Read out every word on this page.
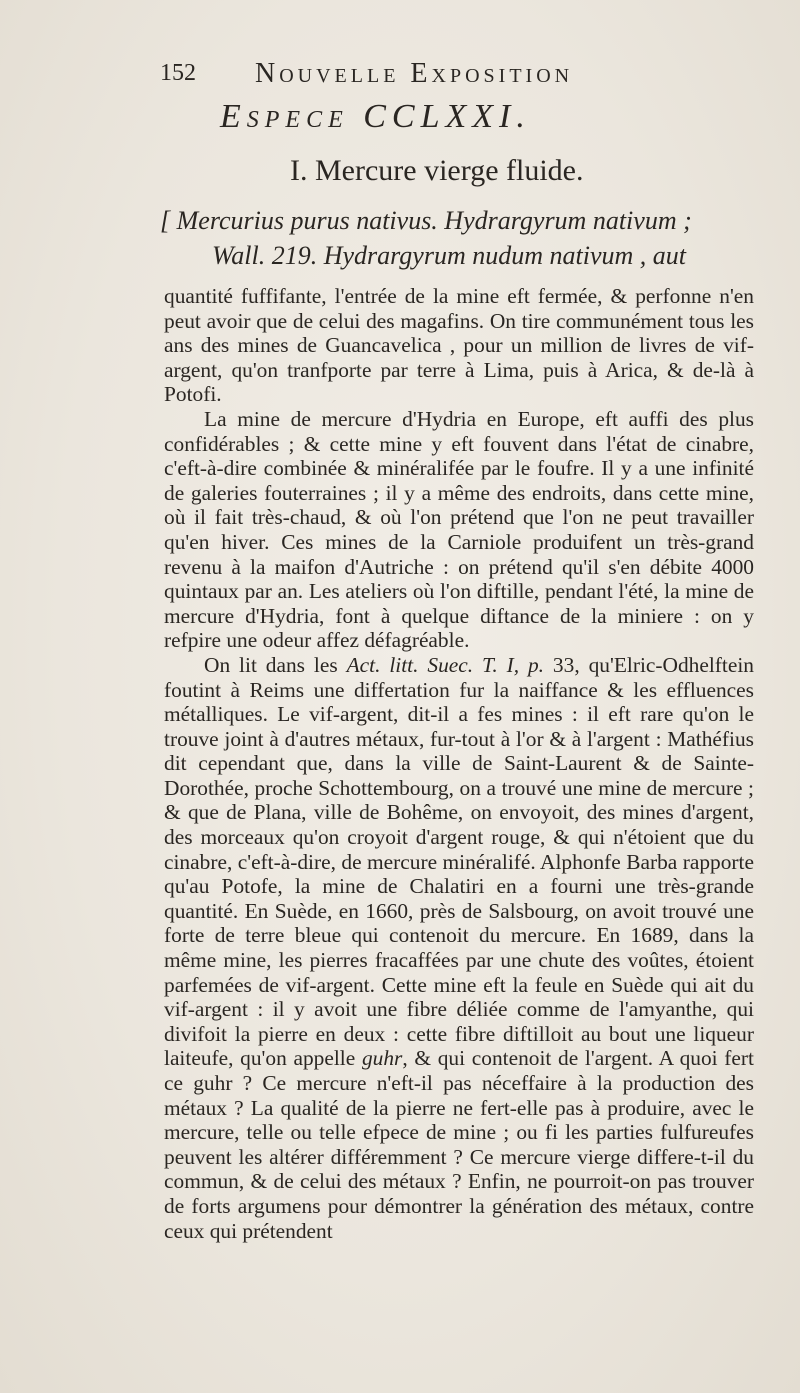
152 Nouvelle Exposition
Espece CCLXXI.
I. Mercure vierge fluide.
[ Mercurius purus nativus. Hydrargyrum nativum ;
Wall. 219. Hydrargyrum nudum nativum , aut

quantité fuffifante, l'entrée de la mine eft fermée, & perfonne n'en peut avoir que de celui des magafins. On tire communément tous les ans des mines de Guancavelica , pour un million de livres de vif-argent, qu'on tranfporte par terre à Lima, puis à Arica, & de-là à Potofi.

La mine de mercure d'Hydria en Europe, eft auffi des plus confidérables ; & cette mine y eft fouvent dans l'état de cinabre, c'eft-à-dire combinée & minéralifée par le foufre. Il y a une infinité de galeries fouterraines ; il y a même des endroits, dans cette mine, où il fait très-chaud, & où l'on prétend que l'on ne peut travailler qu'en hiver. Ces mines de la Carniole produifent un très-grand revenu à la maifon d'Autriche : on prétend qu'il s'en débite 4000 quintaux par an. Les ateliers où l'on diftille, pendant l'été, la mine de mercure d'Hydria, font à quelque diftance de la miniere : on y refpire une odeur affez défagréable.

On lit dans les Act. litt. Suec. T. I, p. 33, qu'Elric-Odhelftein foutint à Reims une differtation fur la naiffance & les effluences métalliques. Le vif-argent, dit-il a fes mines : il eft rare qu'on le trouve joint à d'autres métaux, fur-tout à l'or & à l'argent : Mathéfius dit cependant que, dans la ville de Saint-Laurent & de Sainte-Dorothée, proche Schottembourg, on a trouvé une mine de mercure ; & que de Plana, ville de Bohême, on envoyoit, des mines d'argent, des morceaux qu'on croyoit d'argent rouge, & qui n'étoient que du cinabre, c'eft-à-dire, de mercure minéralifé. Alphonfe Barba rapporte qu'au Potofe, la mine de Chalatiri en a fourni une très-grande quantité. En Suède, en 1660, près de Salsbourg, on avoit trouvé une forte de terre bleue qui contenoit du mercure. En 1689, dans la même mine, les pierres fracaffées par une chute des voûtes, étoient parfemées de vif-argent. Cette mine eft la feule en Suède qui ait du vif-argent : il y avoit une fibre déliée comme de l'amyanthe, qui divifoit la pierre en deux : cette fibre diftilloit au bout une liqueur laiteufe, qu'on appelle guhr, & qui contenoit de l'argent. A quoi fert ce guhr ? Ce mercure n'eft-il pas néceffaire à la production des métaux ? La qualité de la pierre ne fert-elle pas à produire, avec le mercure, telle ou telle efpece de mine ; ou fi les parties fulfureufes peuvent les altérer différemment ? Ce mercure vierge differe-t-il du commun, & de celui des métaux ? Enfin, ne pourroit-on pas trouver de forts argumens pour démontrer la génération des métaux, contre ceux qui prétendent
